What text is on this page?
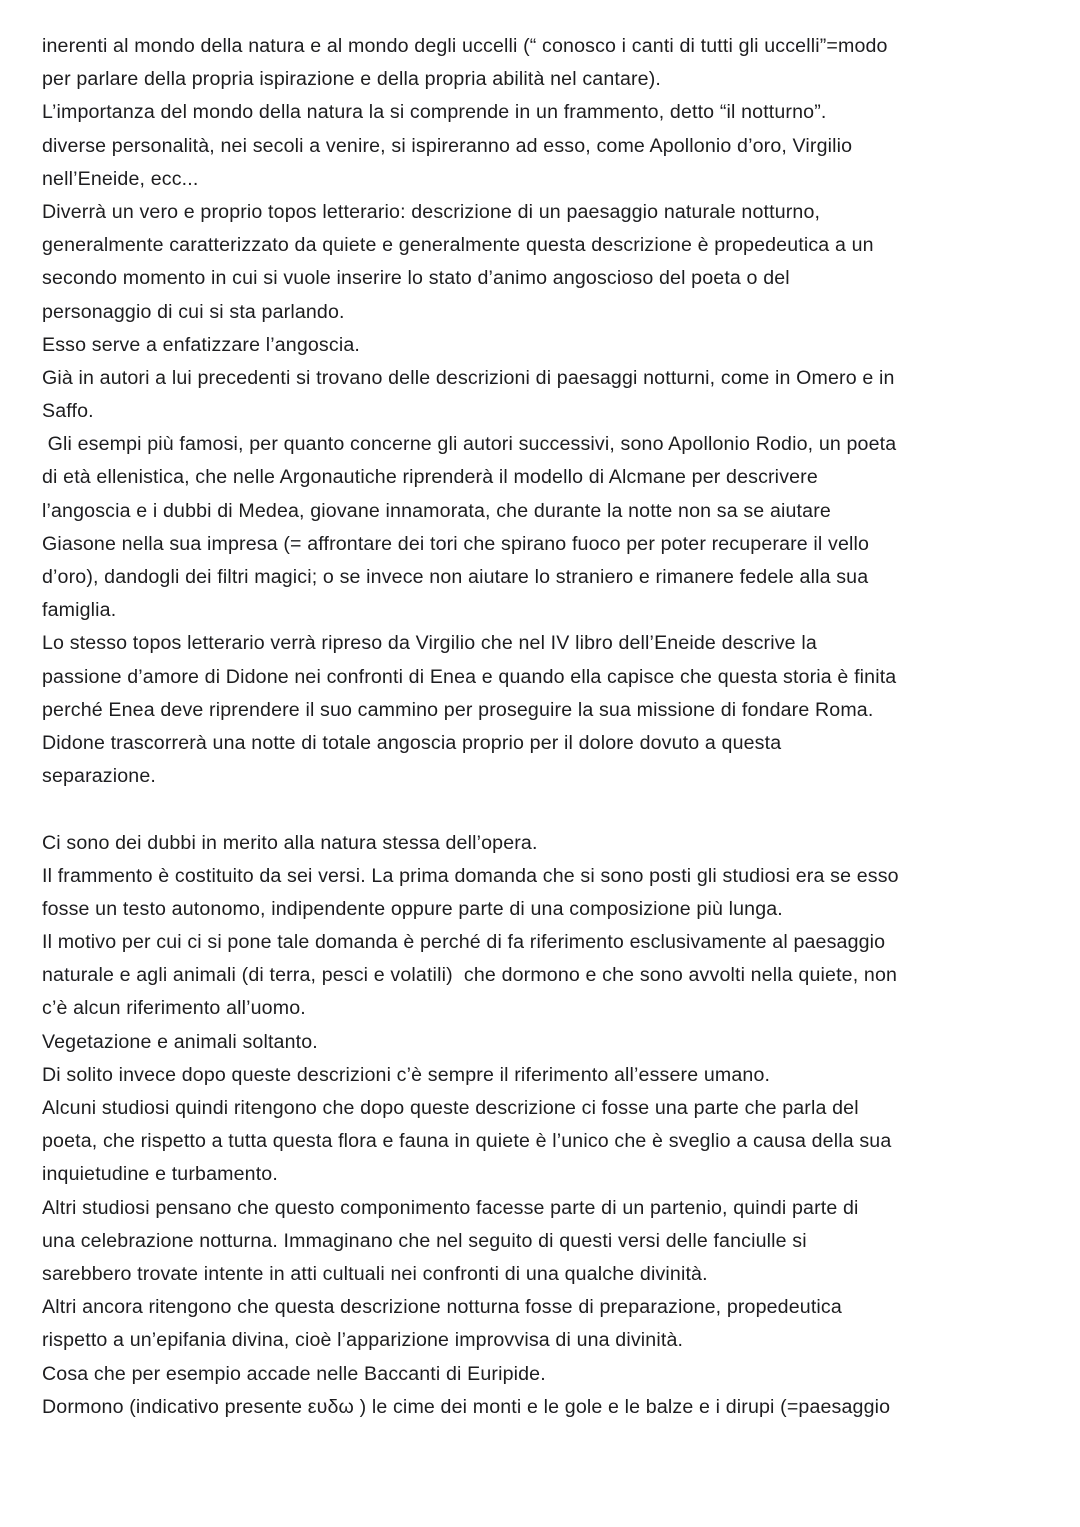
inerenti al mondo della natura e al mondo degli uccelli (“ conosco i canti di tutti gli uccelli”=modo
per parlare della propria ispirazione e della propria abilità nel cantare).
L’importanza del mondo della natura la si comprende in un frammento, detto “il notturno”.
diverse personalità, nei secoli a venire, si ispireranno ad esso, come Apollonio d’oro, Virgilio
nell’Eneide, ecc...
Diverrà un vero e proprio topos letterario: descrizione di un paesaggio naturale notturno,
generalmente caratterizzato da quiete e generalmente questa descrizione è propedeutica a un
secondo momento in cui si vuole inserire lo stato d’animo angoscioso del poeta o del
personaggio di cui si sta parlando.
Esso serve a enfatizzare l’angoscia.
Già in autori a lui precedenti si trovano delle descrizioni di paesaggi notturni, come in Omero e in
Saffo.
Gli esempi più famosi, per quanto concerne gli autori successivi, sono Apollonio Rodio, un poeta
di età ellenistica, che nelle Argonautiche riprenderà il modello di Alcmane per descrivere
l’angoscia e i dubbi di Medea, giovane innamorata, che durante la notte non sa se aiutare
Giasone nella sua impresa (= affrontare dei tori che spirano fuoco per poter recuperare il vello
d’oro), dandogli dei filtri magici; o se invece non aiutare lo straniero e rimanere fedele alla sua
famiglia.
Lo stesso topos letterario verrà ripreso da Virgilio che nel IV libro dell’Eneide descrive la
passione d’amore di Didone nei confronti di Enea e quando ella capisce che questa storia è finita
perché Enea deve riprendere il suo cammino per proseguire la sua missione di fondare Roma.
Didone trascorrerà una notte di totale angoscia proprio per il dolore dovuto a questa
separazione.
Ci sono dei dubbi in merito alla natura stessa dell’opera.
Il frammento è costituito da sei versi. La prima domanda che si sono posti gli studiosi era se esso
fosse un testo autonomo, indipendente oppure parte di una composizione più lunga.
Il motivo per cui ci si pone tale domanda è perché di fa riferimento esclusivamente al paesaggio
naturale e agli animali (di terra, pesci e volatili)  che dormono e che sono avvolti nella quiete, non
c’è alcun riferimento all’uomo.
Vegetazione e animali soltanto.
Di solito invece dopo queste descrizioni c’è sempre il riferimento all’essere umano.
Alcuni studiosi quindi ritengono che dopo queste descrizione ci fosse una parte che parla del
poeta, che rispetto a tutta questa flora e fauna in quiete è l’unico che è sveglio a causa della sua
inquietudine e turbamento.
Altri studiosi pensano che questo componimento facesse parte di un partenio, quindi parte di
una celebrazione notturna. Immaginano che nel seguito di questi versi delle fanciulle si
sarebbero trovate intente in atti cultuali nei confronti di una qualche divinità.
Altri ancora ritengono che questa descrizione notturna fosse di preparazione, propedeutica
rispetto a un’epifania divina, cioè l’apparizione improvvisa di una divinità.
Cosa che per esempio accade nelle Baccanti di Euripide.
Dormono (indicativo presente ευδω ) le cime dei monti e le gole e le balze e i dirupi (=paesaggio
